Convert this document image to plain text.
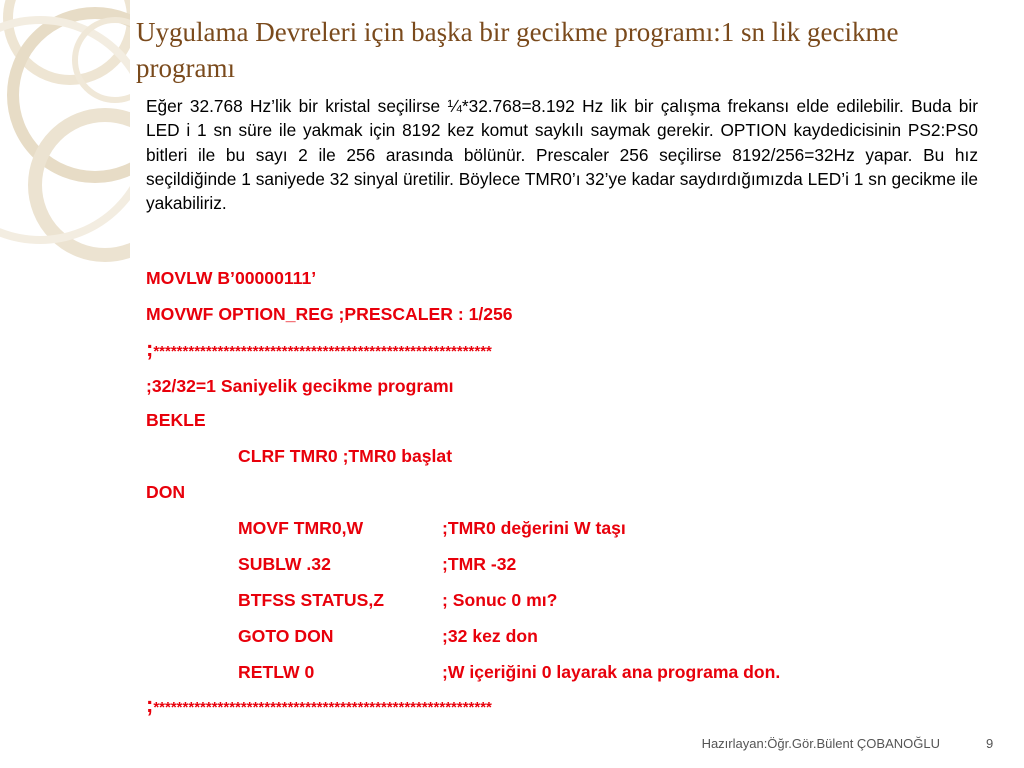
Uygulama Devreleri için başka bir gecikme programı:1 sn lik gecikme programı

Eğer 32.768 Hz’lik bir kristal seçilirse ¼*32.768=8.192 Hz lik bir çalışma frekansı elde edilebilir. Buda bir LED i 1 sn süre ile yakmak için 8192 kez komut saykılı saymak gerekir. OPTION kaydedicisinin PS2:PS0 bitleri ile bu sayı 2 ile 256 arasında bölünür. Prescaler 256 seçilirse 8192/256=32Hz yapar. Bu hız seçildiğinde 1 saniyede 32 sinyal üretilir. Böylece TMR0’ı 32’ye kadar saydırdığımızda LED’i 1 sn gecikme ile yakabiliriz.

MOVLW B’00000111’
MOVWF OPTION_REG ;PRESCALER : 1/256
;**********************************************************
;32/32=1 Saniyelik gecikme programı
BEKLE
CLRF TMR0 ;TMR0 başlat
DON
MOVF TMR0,W	;TMR0 değerini W taşı
SUBLW .32	;TMR -32
BTFSS STATUS,Z	; Sonuc 0 mı?
GOTO DON	;32 kez don
RETLW 0	;W içeriğini 0 layarak ana programa don.
;**********************************************************
Hazırlayan:Öğr.Gör.Bülent ÇOBANOĞLU	9
